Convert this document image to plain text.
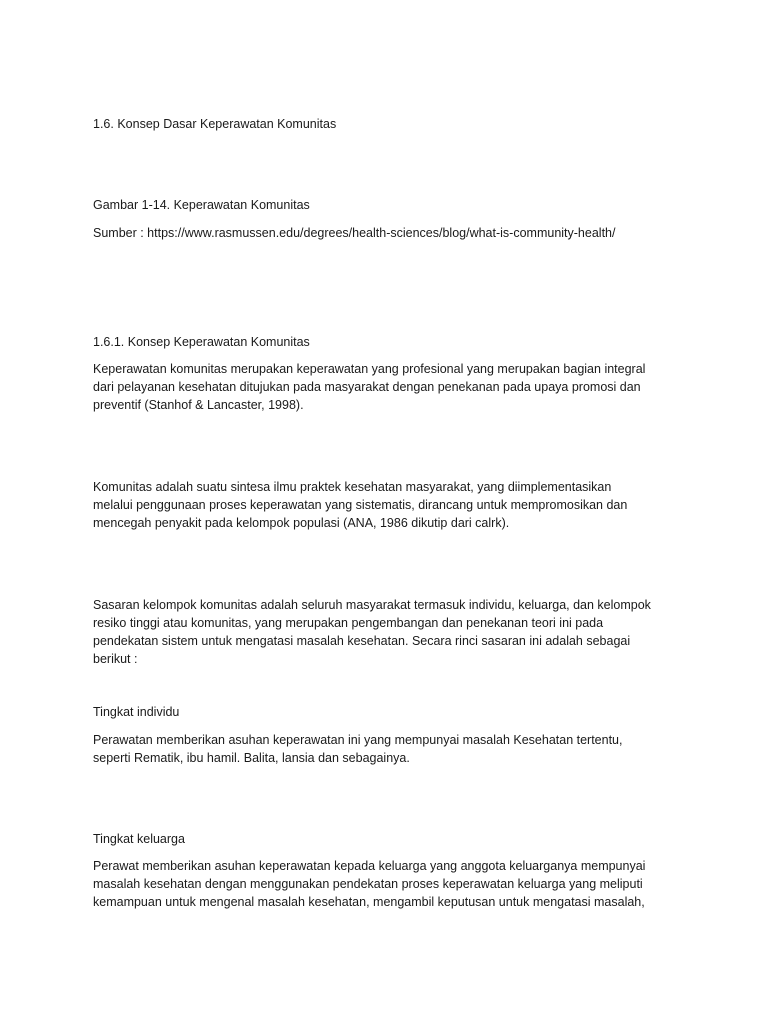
1.6. Konsep Dasar Keperawatan Komunitas

Gambar 1-14. Keperawatan Komunitas

Sumber : https://www.rasmussen.edu/degrees/health-sciences/blog/what-is-community-health/

1.6.1. Konsep Keperawatan Komunitas

Keperawatan komunitas merupakan keperawatan yang profesional yang merupakan bagian integral
dari pelayanan kesehatan ditujukan pada masyarakat dengan penekanan pada upaya promosi dan
preventif (Stanhof & Lancaster, 1998).

Komunitas adalah suatu sintesa ilmu praktek kesehatan masyarakat, yang diimplementasikan
melalui penggunaan proses keperawatan yang sistematis, dirancang untuk mempromosikan dan
mencegah penyakit pada kelompok populasi (ANA, 1986 dikutip dari calrk).

Sasaran kelompok komunitas adalah seluruh masyarakat termasuk individu, keluarga, dan kelompok
resiko tinggi atau komunitas, yang merupakan pengembangan dan penekanan teori ini pada
pendekatan sistem untuk mengatasi masalah kesehatan. Secara rinci sasaran ini adalah sebagai
berikut :

Tingkat individu

Perawatan memberikan asuhan keperawatan ini yang mempunyai masalah Kesehatan tertentu,
seperti Rematik, ibu hamil. Balita, lansia dan sebagainya.

Tingkat keluarga

Perawat memberikan asuhan keperawatan kepada keluarga yang anggota keluarganya mempunyai
masalah kesehatan dengan menggunakan pendekatan proses keperawatan keluarga yang meliputi
kemampuan untuk mengenal masalah kesehatan, mengambil keputusan untuk mengatasi masalah,
